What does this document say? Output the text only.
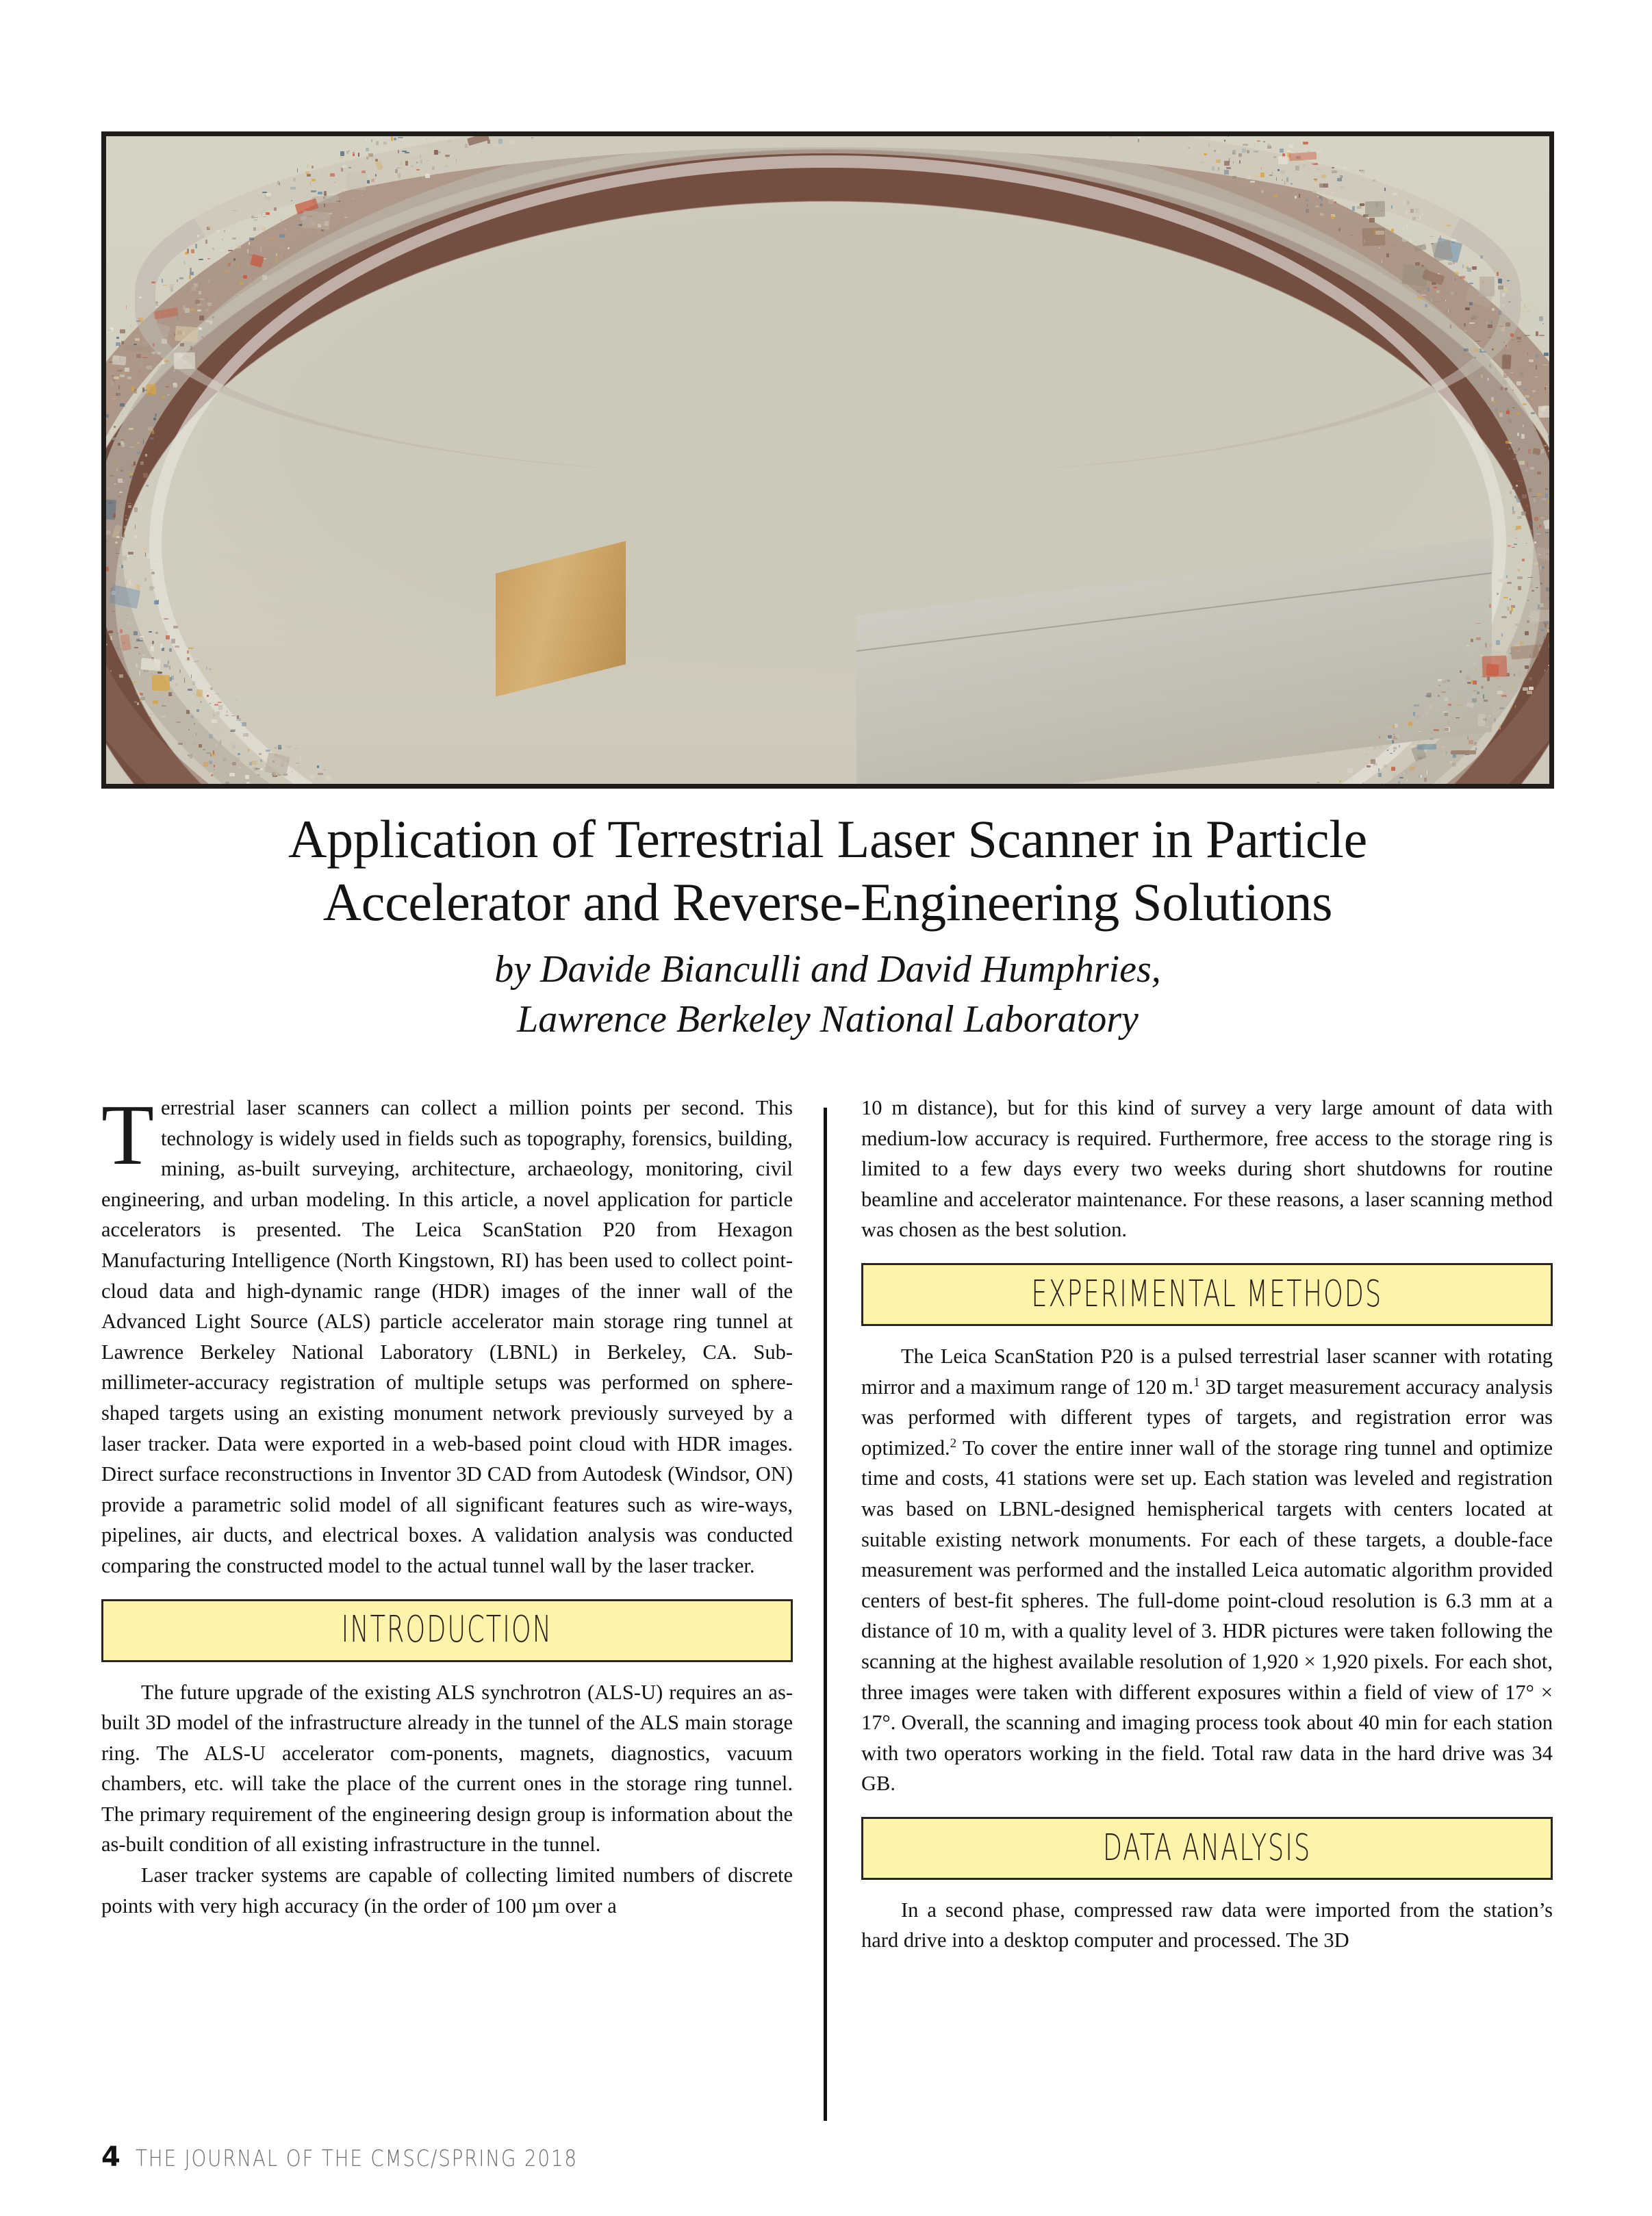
Application of Terrestrial Laser Scanner in Particle
Accelerator and Reverse-Engineering Solutions
by Davide Bianculli and David Humphries,
Lawrence Berkeley National Laboratory

Terrestrial laser scanners can collect a million points per second. This technology is widely used in fields such as topography, forensics, building, mining, as-built surveying, architecture, archaeology, monitoring, civil engineering, and urban modeling. In this article, a novel application for particle accelerators is presented. The Leica ScanStation P20 from Hexagon Manufacturing Intelligence (North Kingstown, RI) has been used to collect point-cloud data and high-dynamic range (HDR) images of the inner wall of the Advanced Light Source (ALS) particle accelerator main storage ring tunnel at Lawrence Berkeley National Laboratory (LBNL) in Berkeley, CA. Sub-millimeter-accuracy registration of multiple setups was performed on sphere-shaped targets using an existing monument network previously surveyed by a laser tracker. Data were exported in a web-based point cloud with HDR images. Direct surface reconstructions in Inventor 3D CAD from Autodesk (Windsor, ON) provide a parametric solid model of all significant features such as wire-ways, pipelines, air ducts, and electrical boxes. A validation analysis was conducted comparing the constructed model to the actual tunnel wall by the laser tracker.

INTRODUCTION

The future upgrade of the existing ALS synchrotron (ALS-U) requires an as-built 3D model of the infrastructure already in the tunnel of the ALS main storage ring. The ALS-U accelerator com-ponents, magnets, diagnostics, vacuum chambers, etc. will take the place of the current ones in the storage ring tunnel. The primary requirement of the engineering design group is information about the as-built condition of all existing infrastructure in the tunnel.

Laser tracker systems are capable of collecting limited numbers of discrete points with very high accuracy (in the order of 100 µm over a

10 m distance), but for this kind of survey a very large amount of data with medium-low accuracy is required. Furthermore, free access to the storage ring is limited to a few days every two weeks during short shutdowns for routine beamline and accelerator maintenance. For these reasons, a laser scanning method was chosen as the best solution.

EXPERIMENTAL METHODS

The Leica ScanStation P20 is a pulsed terrestrial laser scanner with rotating mirror and a maximum range of 120 m.$^1$ 3D target measurement accuracy analysis was performed with different types of targets, and registration error was optimized.$^2$ To cover the entire inner wall of the storage ring tunnel and optimize time and costs, 41 stations were set up. Each station was leveled and registration was based on LBNL-designed hemispherical targets with centers located at suitable existing network monuments. For each of these targets, a double-face measurement was performed and the installed Leica automatic algorithm provided centers of best-fit spheres. The full-dome point-cloud resolution is 6.3 mm at a distance of 10 m, with a quality level of 3. HDR pictures were taken following the scanning at the highest available resolution of 1,920 × 1,920 pixels. For each shot, three images were taken with different exposures within a field of view of 17° × 17°. Overall, the scanning and imaging process took about 40 min for each station with two operators working in the field. Total raw data in the hard drive was 34 GB.

DATA ANALYSIS

In a second phase, compressed raw data were imported from the station’s hard drive into a desktop computer and processed. The 3D

4 THE JOURNAL OF THE CMSC/SPRING 2018
